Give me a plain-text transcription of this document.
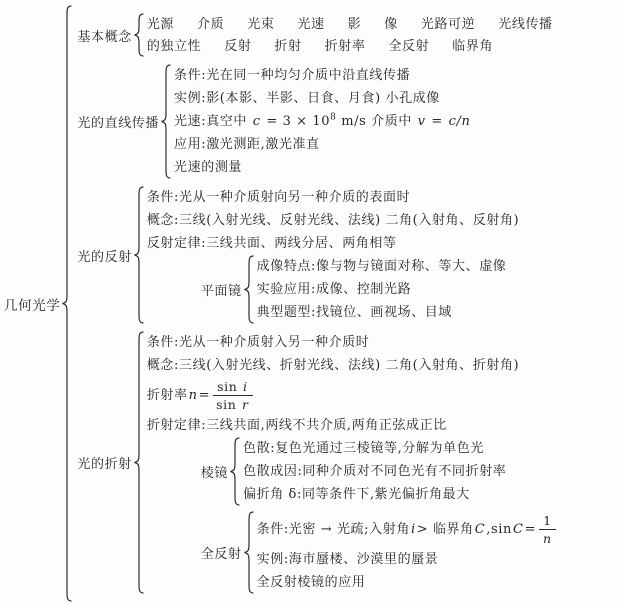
几何光学
基本概念
光源 介质 光束 光速 影 像 光路可逆 光线传播
的独立性 反射 折射 折射率 全反射 临界角
光的直线传播
条件:光在同一种均匀介质中沿直线传播
实例:影(本影、半影、日食、月食) 小孔成像
光速:真空中 $c = 3 \times 10^8$ m/s 介质中 v = c/n
应用:激光测距,激光准直
光速的测量
光的反射
条件:光从一种介质射向另一种介质的表面时
概念:三线(入射光线、反射光线、法线) 二角(入射角、反射角)
反射定律:三线共面、两线分居、两角相等
平面镜
成像特点:像与物与镜面对称、等大、虚像
实验应用:成像、控制光路
典型题型:找镜位、画视场、目域
光的折射
条件:光从一种介质射入另一种介质时
概念:三线(入射光线、折射光线、法线) 二角(入射角、折射角)
折射率 $n = \frac{\text{sin i}}{\text{sin r}}$
折射定律:三线共面,两线不共介质,两角正弦成正比
棱镜
色散:复色光通过三棱镜等,分解为单色光
色散成因:同种介质对不同色光有不同折射率
偏折角 δ:同等条件下,紫光偏折角最大
全反射
条件:光密 → 光疏;入射角 i > 临界角 C ,sin $C = \frac{1}{n}$
实例:海市蜃楼、沙漠里的蜃景
全反射棱镜的应用
